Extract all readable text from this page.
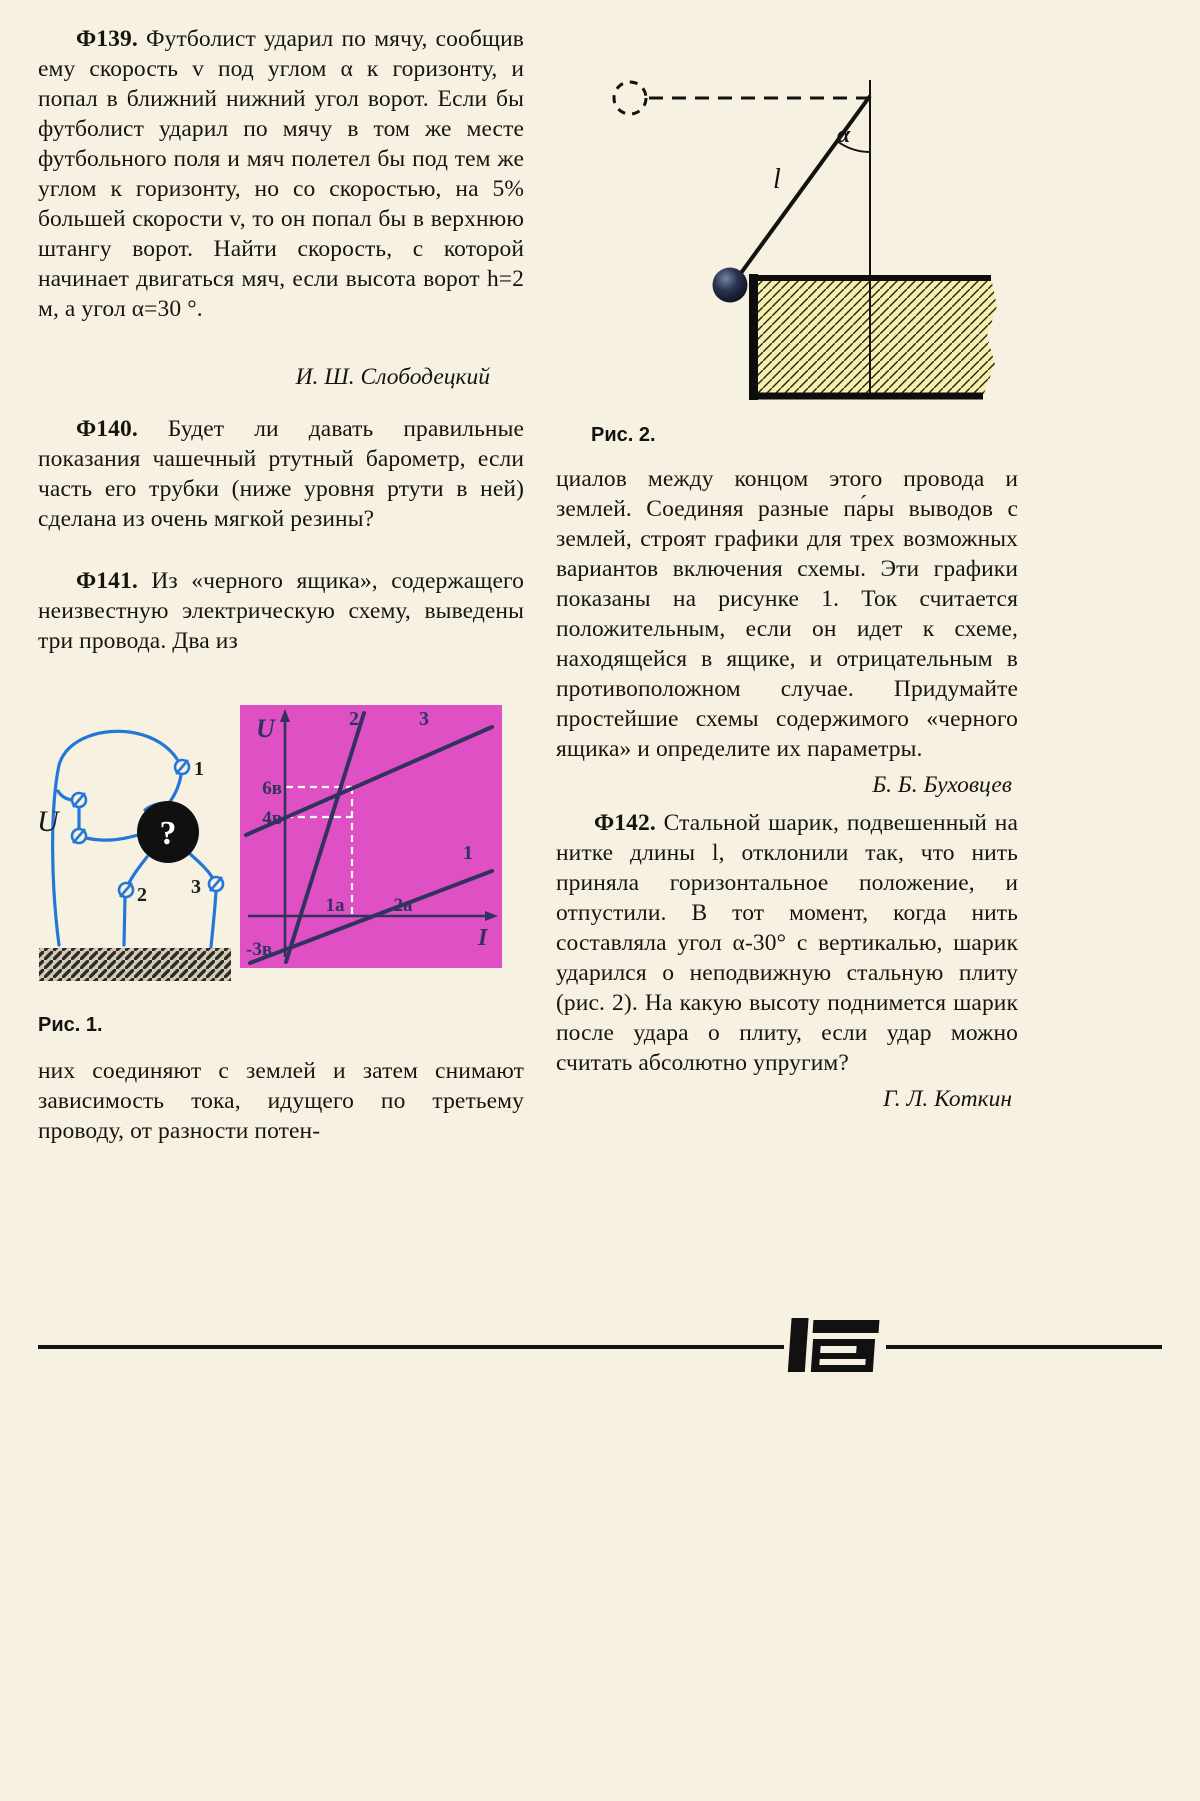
Ф139. Футболист ударил по мячу, сообщив ему скорость v под углом α к горизонту, и попал в ближний нижний угол ворот. Если бы футболист ударил по мячу в том же месте футбольного поля и мяч полетел бы под тем же углом к горизонту, но со скоростью, на 5% большей скорости v, то он попал бы в верхнюю штангу ворот. Найти скорость, с которой начинает двигаться мяч, если высота ворот h=2 м, а угол α=30 °.
И. Ш. Слободецкий
Ф140. Будет ли давать правильные показания чашечный ртутный барометр, если часть его трубки (ниже уровня ртути в ней) сделана из очень мягкой резины?
Ф141. Из «черного ящика», содержащего неизвестную электрическую схему, выведены три провода. Два из
?
U
1
2 3
U
I
6в
4в
-3в
1а	2а
2	3
1
Рис. 1.
них соединяют с землей и затем снимают зависимость тока, идущего по третьему проводу, от разности потен-
α
l
Рис. 2.

циалов между концом этого провода и землей. Соединяя разные па́ры выводов с землей, строят графики для трех возможных вариантов включения схемы. Эти графики показаны на рисунке 1. Ток считается положительным, если он идет к схеме, находящейся в ящике, и отрицательным в противоположном случае. Придумайте простейшие схемы содержимого «черного ящика» и определите их параметры.

Б. Б. Буховцев

Ф142. Стальной шарик, подвешенный на нитке длины l, отклонили так, что нить приняла горизонтальное положение, и отпустили. В тот момент, когда нить составляла угол α-30° с вертикалью, шарик ударился о неподвижную стальную плиту (рис. 2). На какую высоту поднимется шарик после удара о плиту, если удар можно считать абсолютно упругим?

Г. Л. Коткин
